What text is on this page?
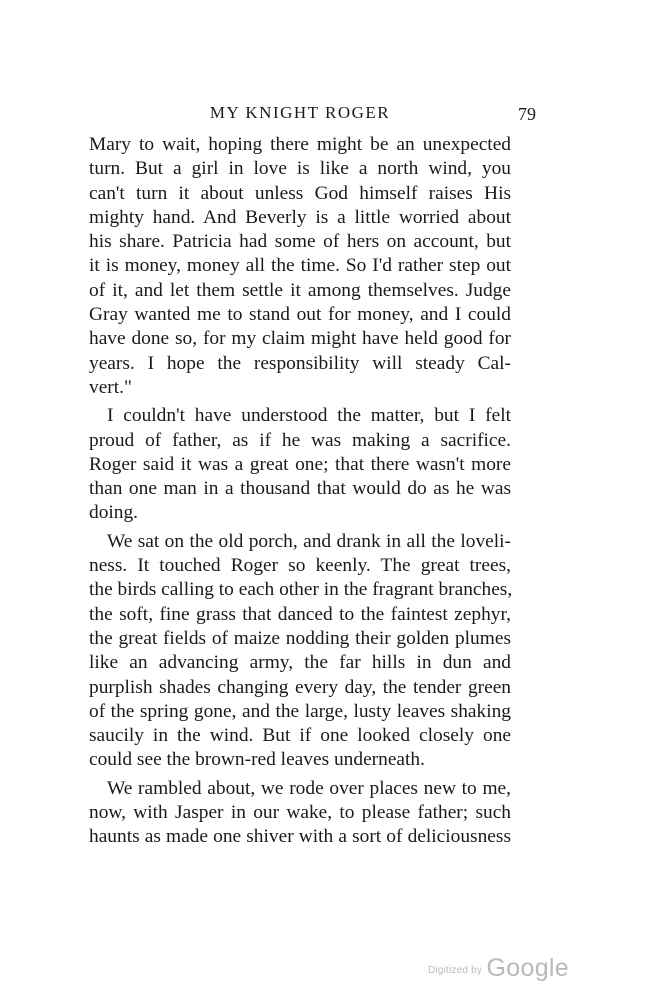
MY KNIGHT ROGER	79

Mary to wait, hoping there might be an unexpected
turn. But a girl in love is like a north wind, you
can't turn it about unless God himself raises His
mighty hand. And Beverly is a little worried about
his share. Patricia had some of hers on account, but
it is money, money all the time. So I'd rather step out
of it, and let them settle it among themselves. Judge
Gray wanted me to stand out for money, and I could
have done so, for my claim might have held good for
years. I hope the responsibility will steady Cal-
vert."

I couldn't have understood the matter, but I felt
proud of father, as if he was making a sacrifice.
Roger said it was a great one; that there wasn't more
than one man in a thousand that would do as he was
doing.

We sat on the old porch, and drank in all the loveli-
ness. It touched Roger so keenly. The great trees,
the birds calling to each other in the fragrant branches,
the soft, fine grass that danced to the faintest zephyr,
the great fields of maize nodding their golden plumes
like an advancing army, the far hills in dun and
purplish shades changing every day, the tender green
of the spring gone, and the large, lusty leaves shaking
saucily in the wind. But if one looked closely one
could see the brown-red leaves underneath.

We rambled about, we rode over places new to me,
now, with Jasper in our wake, to please father; such
haunts as made one shiver with a sort of deliciousness

Digitized by Google
